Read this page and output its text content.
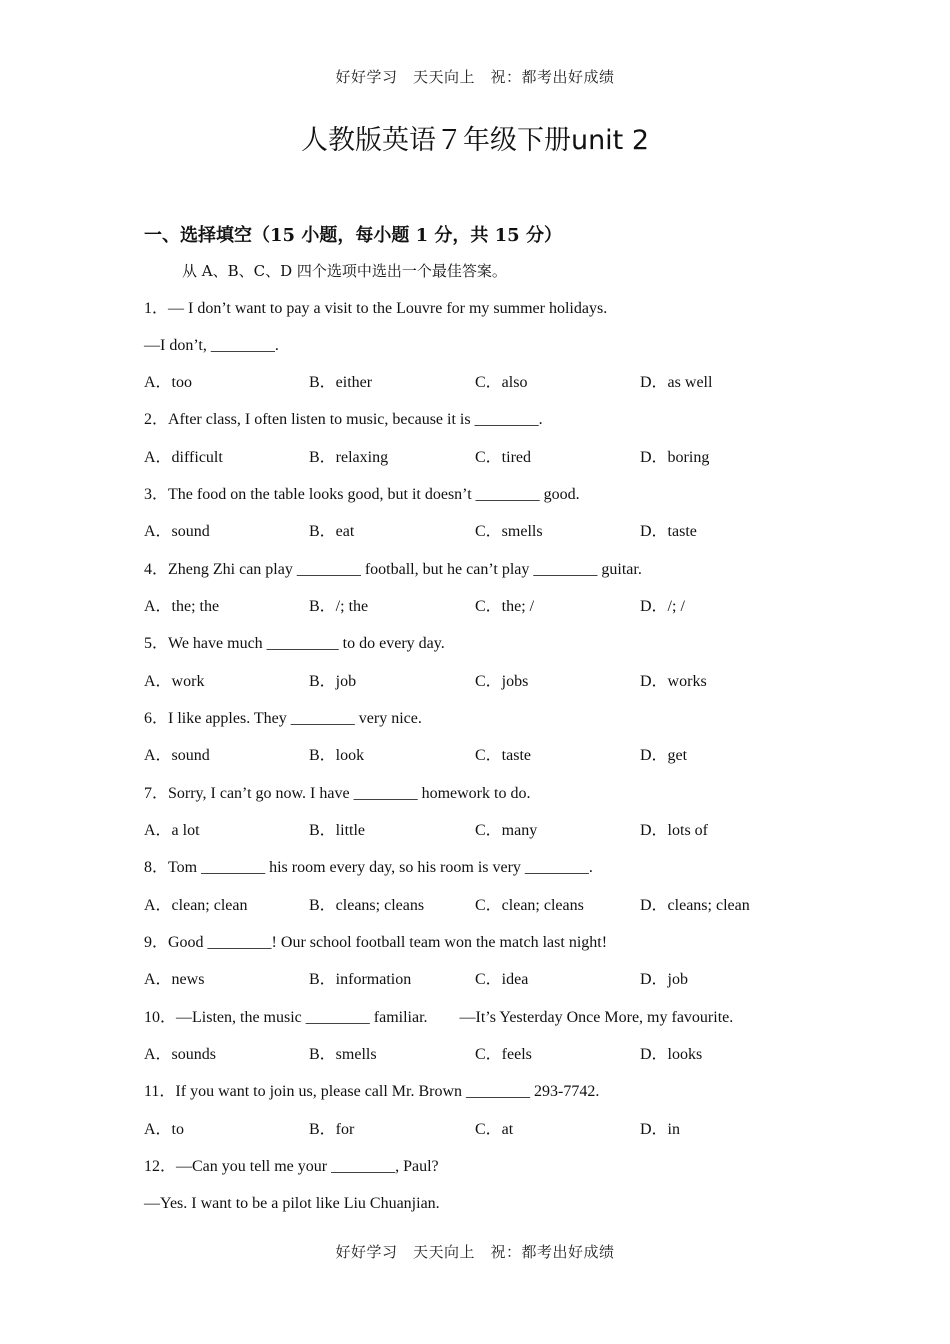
好好学习　天天向上　祝：都考出好成绩
人教版英语７年级下册unit 2
一、选择填空（15 小题，每小题 1 分，共 15 分）
从 A、B、C、D 四个选项中选出一个最佳答案。
1．— I don’t want to pay a visit to the Louvre for my summer holidays.
—I don’t, ________.
A．too	B．either	C．also	D．as well
2．After class, I often listen to music, because it is ________.
A．difficult	B．relaxing	C．tired	D．boring
3．The food on the table looks good, but it doesn’t ________ good.
A．sound	B．eat	C．smells	D．taste
4．Zheng Zhi can play ________ football, but he can’t play ________ guitar.
A．the; the	B．/; the	C．the; /	D．/; /
5．We have much _________ to do every day.
A．work	B．job	C．jobs	D．works
6．I like apples. They ________ very nice.
A．sound	B．look	C．taste	D．get
7．Sorry, I can’t go now. I have ________ homework to do.
A．a lot	B．little	C．many	D．lots of
8．Tom ________ his room every day, so his room is very ________.
A．clean; clean	B．cleans; cleans	C．clean; cleans	D．cleans; clean
9．Good ________! Our school football team won the match last night!
A．news	B．information	C．idea	D．job
10．—Listen, the music ________ familiar.　　—It’s Yesterday Once More, my favourite.
A．sounds	B．smells	C．feels	D．looks
11．If you want to join us, please call Mr. Brown ________ 293-7742.
A．to	B．for	C．at	D．in
12．—Can you tell me your ________, Paul?
—Yes. I want to be a pilot like Liu Chuanjian.
好好学习　天天向上　祝：都考出好成绩
